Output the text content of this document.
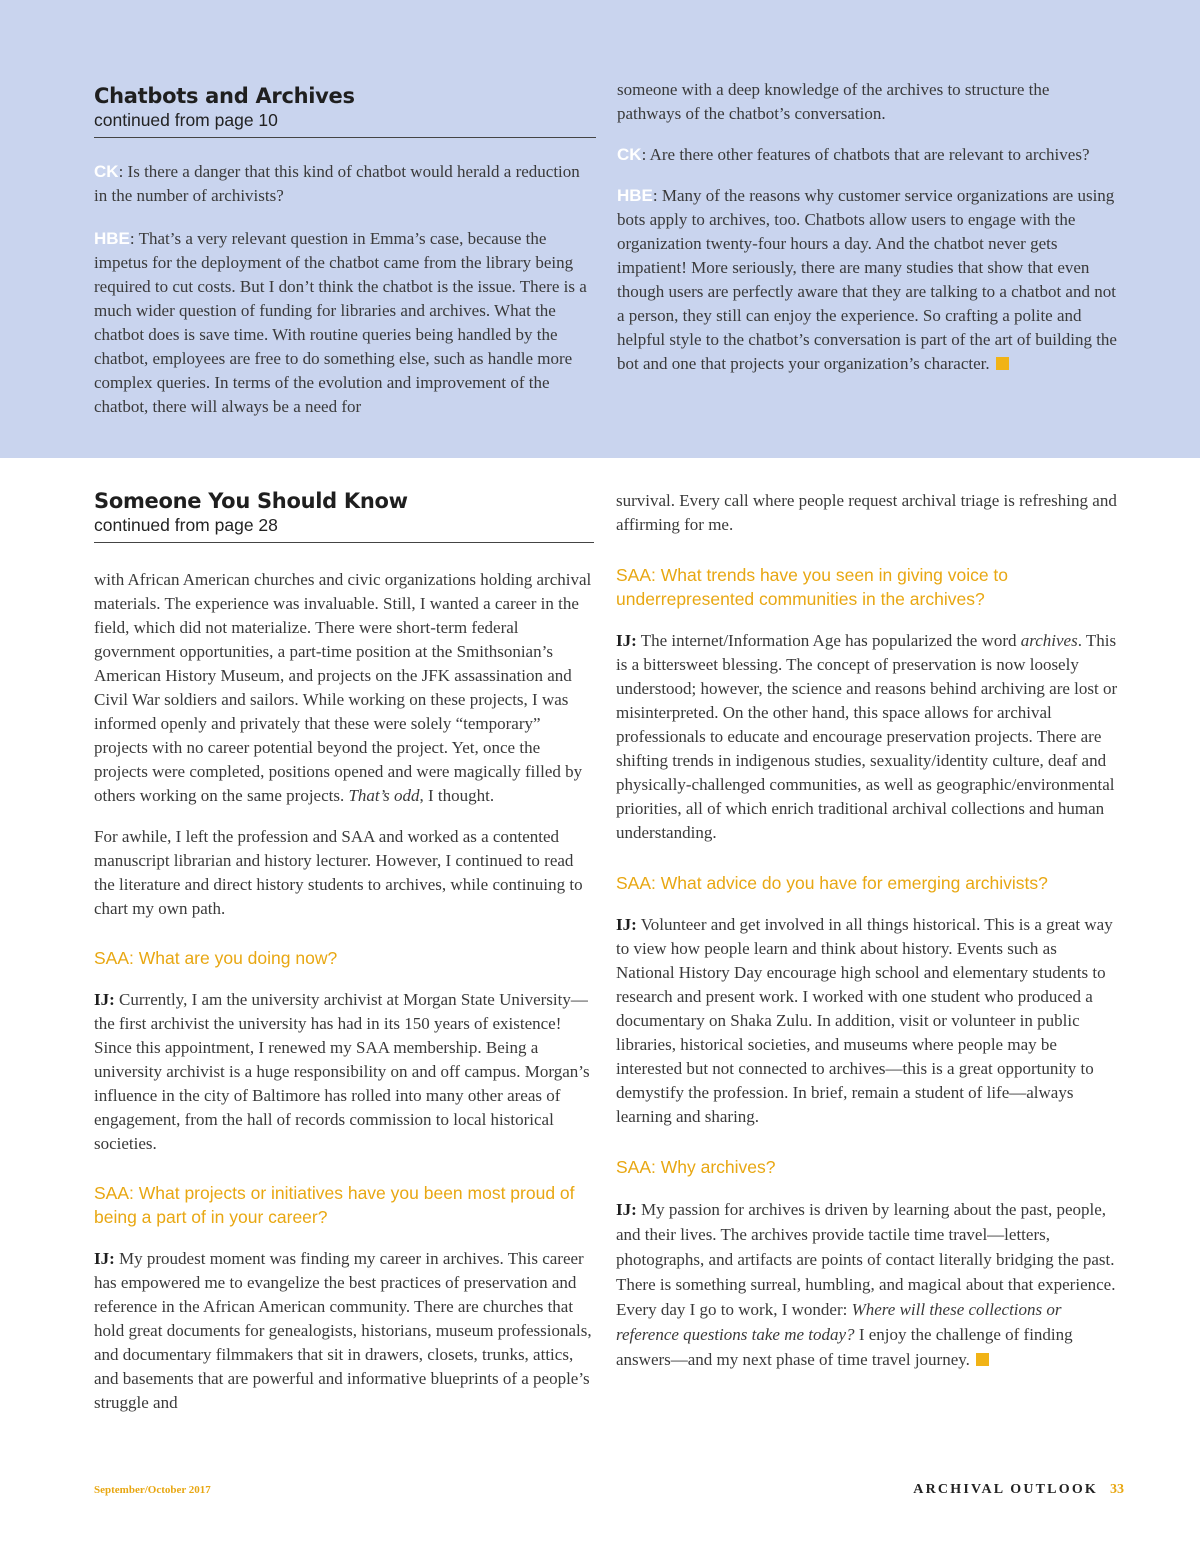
Chatbots and Archives
continued from page 10

CK: Is there a danger that this kind of chatbot would herald a reduction in the number of archivists?

HBE: That’s a very relevant question in Emma’s case, because the impetus for the deployment of the chatbot came from the library being required to cut costs. But I don’t think the chatbot is the issue. There is a much wider question of funding for libraries and archives. What the chatbot does is save time. With routine queries being handled by the chatbot, employees are free to do something else, such as handle more complex queries. In terms of the evolution and improvement of the chatbot, there will always be a need for

someone with a deep knowledge of the archives to structure the pathways of the chatbot’s conversation.

CK: Are there other features of chatbots that are relevant to archives?

HBE: Many of the reasons why customer service organizations are using bots apply to archives, too. Chatbots allow users to engage with the organization twenty-four hours a day. And the chatbot never gets impatient! More seriously, there are many studies that show that even though users are perfectly aware that they are talking to a chatbot and not a person, they still can enjoy the experience. So crafting a polite and helpful style to the chatbot’s conversation is part of the art of building the bot and one that projects your organization’s character.

Someone You Should Know
continued from page 28

with African American churches and civic organizations holding archival materials. The experience was invaluable. Still, I wanted a career in the field, which did not materialize. There were short-term federal government opportunities, a part-time position at the Smithsonian’s American History Museum, and projects on the JFK assassination and Civil War soldiers and sailors. While working on these projects, I was informed openly and privately that these were solely “temporary” projects with no career potential beyond the project. Yet, once the projects were completed, positions opened and were magically filled by others working on the same projects. That’s odd, I thought.

For awhile, I left the profession and SAA and worked as a contented manuscript librarian and history lecturer. However, I continued to read the literature and direct history students to archives, while continuing to chart my own path.

SAA: What are you doing now?

IJ: Currently, I am the university archivist at Morgan State University—the first archivist the university has had in its 150 years of existence! Since this appointment, I renewed my SAA membership. Being a university archivist is a huge responsibility on and off campus. Morgan’s influence in the city of Baltimore has rolled into many other areas of engagement, from the hall of records commission to local historical societies.

SAA: What projects or initiatives have you been most proud of being a part of in your career?

IJ: My proudest moment was finding my career in archives. This career has empowered me to evangelize the best practices of preservation and reference in the African American community. There are churches that hold great documents for genealogists, historians, museum professionals, and documentary filmmakers that sit in drawers, closets, trunks, attics, and basements that are powerful and informative blueprints of a people’s struggle and

survival. Every call where people request archival triage is refreshing and affirming for me.

SAA: What trends have you seen in giving voice to underrepresented communities in the archives?

IJ: The internet/Information Age has popularized the word archives. This is a bittersweet blessing. The concept of preservation is now loosely understood; however, the science and reasons behind archiving are lost or misinterpreted. On the other hand, this space allows for archival professionals to educate and encourage preservation projects. There are shifting trends in indigenous studies, sexuality/identity culture, deaf and physically-challenged communities, as well as geographic/environmental priorities, all of which enrich traditional archival collections and human understanding.

SAA: What advice do you have for emerging archivists?

IJ: Volunteer and get involved in all things historical. This is a great way to view how people learn and think about history. Events such as National History Day encourage high school and elementary students to research and present work. I worked with one student who produced a documentary on Shaka Zulu. In addition, visit or volunteer in public libraries, historical societies, and museums where people may be interested but not connected to archives—this is a great opportunity to demystify the profession. In brief, remain a student of life—always learning and sharing.

SAA: Why archives?

IJ: My passion for archives is driven by learning about the past, people, and their lives. The archives provide tactile time travel—letters, photographs, and artifacts are points of contact literally bridging the past. There is something surreal, humbling, and magical about that experience. Every day I go to work, I wonder: Where will these collections or reference questions take me today? I enjoy the challenge of finding answers—and my next phase of time travel journey.

September/October 2017	ARCHIVAL OUTLOOK 33
